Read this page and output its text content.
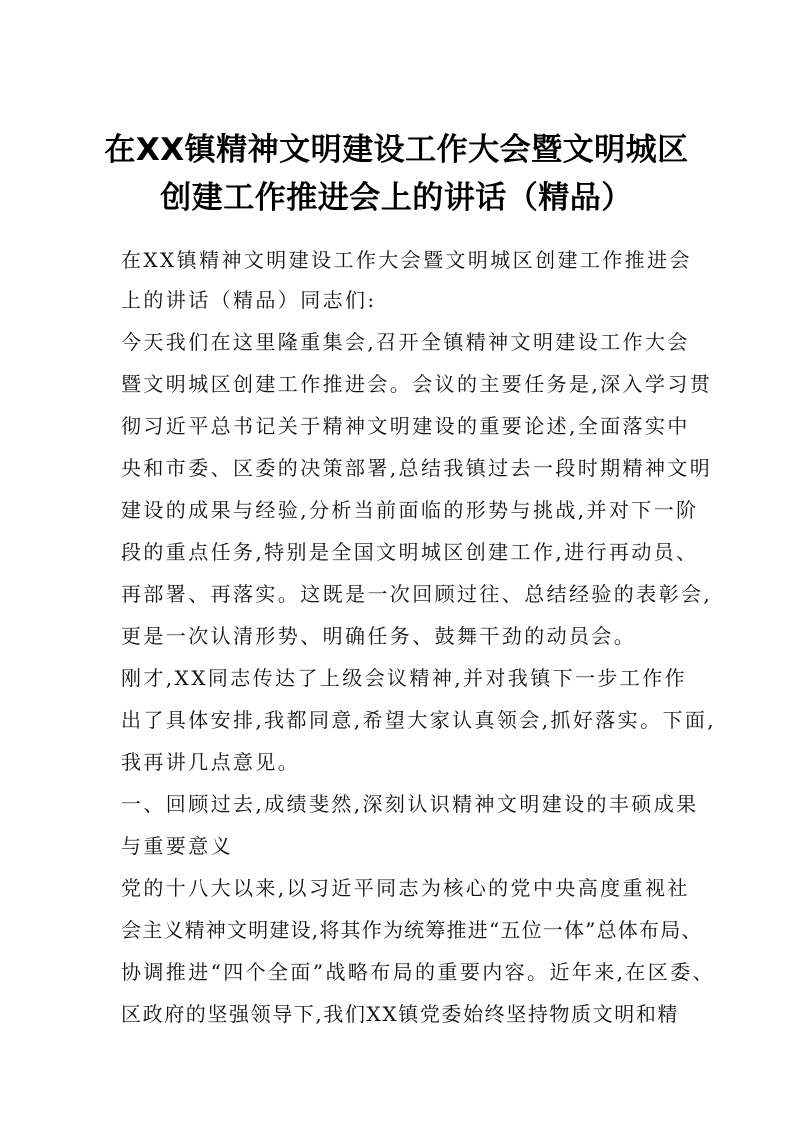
在XX镇精神文明建设工作大会暨文明城区
创建工作推进会上的讲话（精品）
在XX镇精神文明建设工作大会暨文明城区创建工作推进会
上的讲话（精品）同志们:
今天我们在这里隆重集会,召开全镇精神文明建设工作大会
暨文明城区创建工作推进会。会议的主要任务是,深入学习贯
彻习近平总书记关于精神文明建设的重要论述,全面落实中
央和市委、区委的决策部署,总结我镇过去一段时期精神文明
建设的成果与经验,分析当前面临的形势与挑战,并对下一阶
段的重点任务,特别是全国文明城区创建工作,进行再动员、
再部署、再落实。这既是一次回顾过往、总结经验的表彰会,
更是一次认清形势、明确任务、鼓舞干劲的动员会。
刚才,XX同志传达了上级会议精神,并对我镇下一步工作作
出了具体安排,我都同意,希望大家认真领会,抓好落实。下面,
我再讲几点意见。
一、回顾过去,成绩斐然,深刻认识精神文明建设的丰硕成果
与重要意义
党的十八大以来,以习近平同志为核心的党中央高度重视社
会主义精神文明建设,将其作为统筹推进“五位一体”总体布局、
协调推进“四个全面”战略布局的重要内容。近年来,在区委、
区政府的坚强领导下,我们XX镇党委始终坚持物质文明和精
